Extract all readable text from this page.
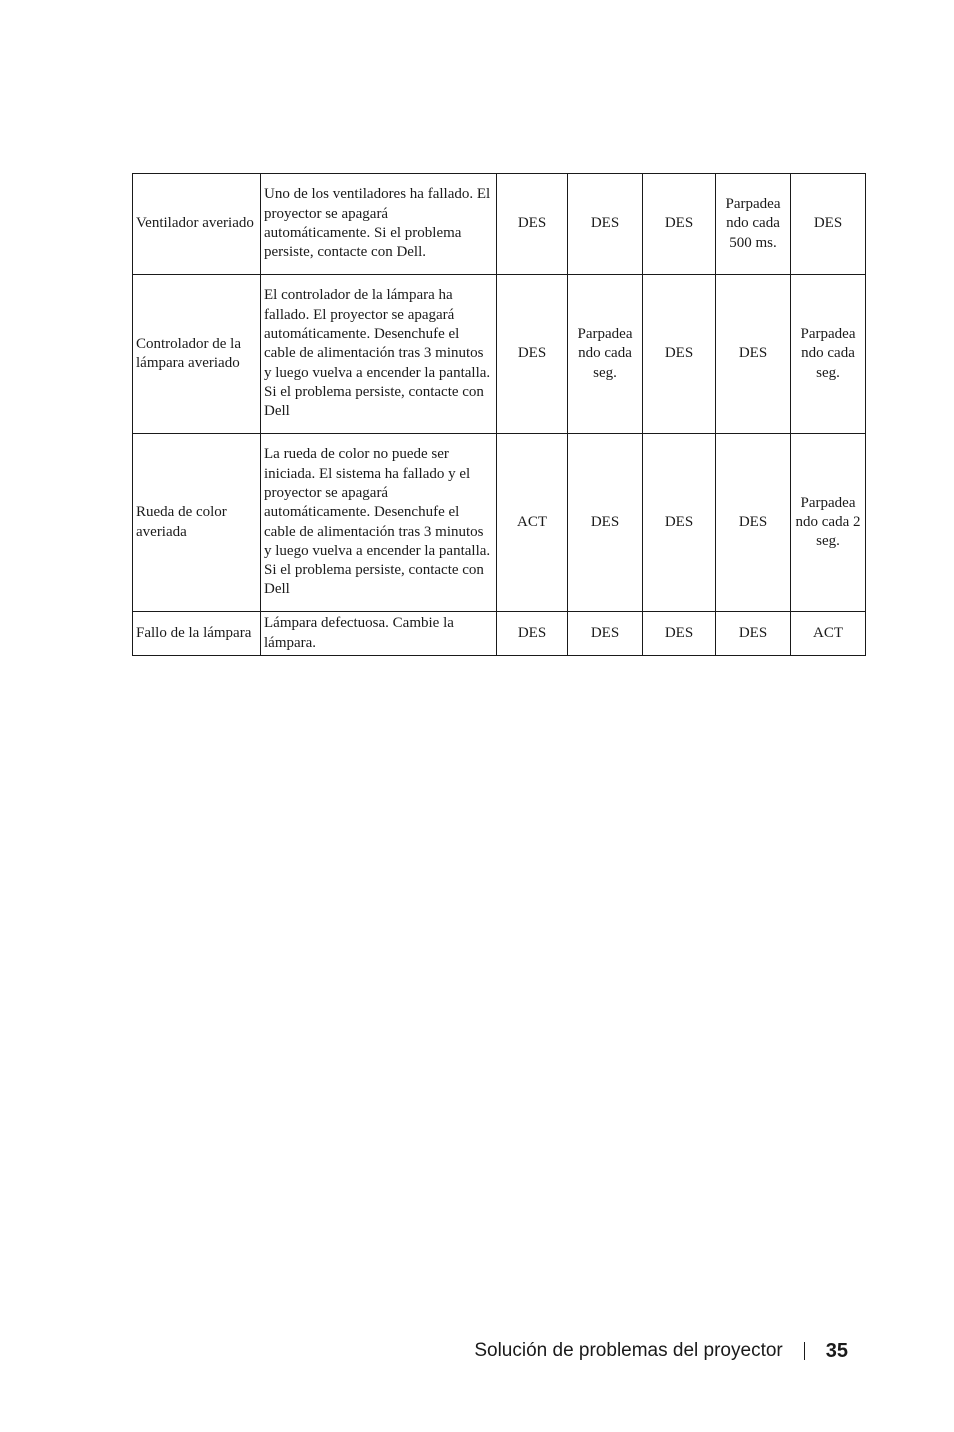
Ventilador averiado	Uno de los ventiladores ha fallado. El proyector se apagará automáticamente. Si el problema persiste, contacte con Dell.	DES	DES	DES	Parpadea ndo cada 500 ms.	DES
Controlador de la lámpara averiado	El controlador de la lámpara ha fallado. El proyector se apagará automáticamente. Desenchufe el cable de alimentación tras 3 minutos y luego vuelva a encender la pantalla. Si el problema persiste, contacte con Dell	DES	Parpadea ndo cada seg.	DES	DES	Parpadea ndo cada seg.
Rueda de color averiada	La rueda de color no puede ser iniciada. El sistema ha fallado y el proyector se apagará automáticamente. Desenchufe el cable de alimentación tras 3 minutos y luego vuelva a encender la pantalla. Si el problema persiste, contacte con Dell	ACT	DES	DES	DES	Parpadea ndo cada 2 seg.
Fallo de la lámpara	Lámpara defectuosa. Cambie la lámpara.	DES	DES	DES	DES	ACT
Solución de problemas del proyector 35
